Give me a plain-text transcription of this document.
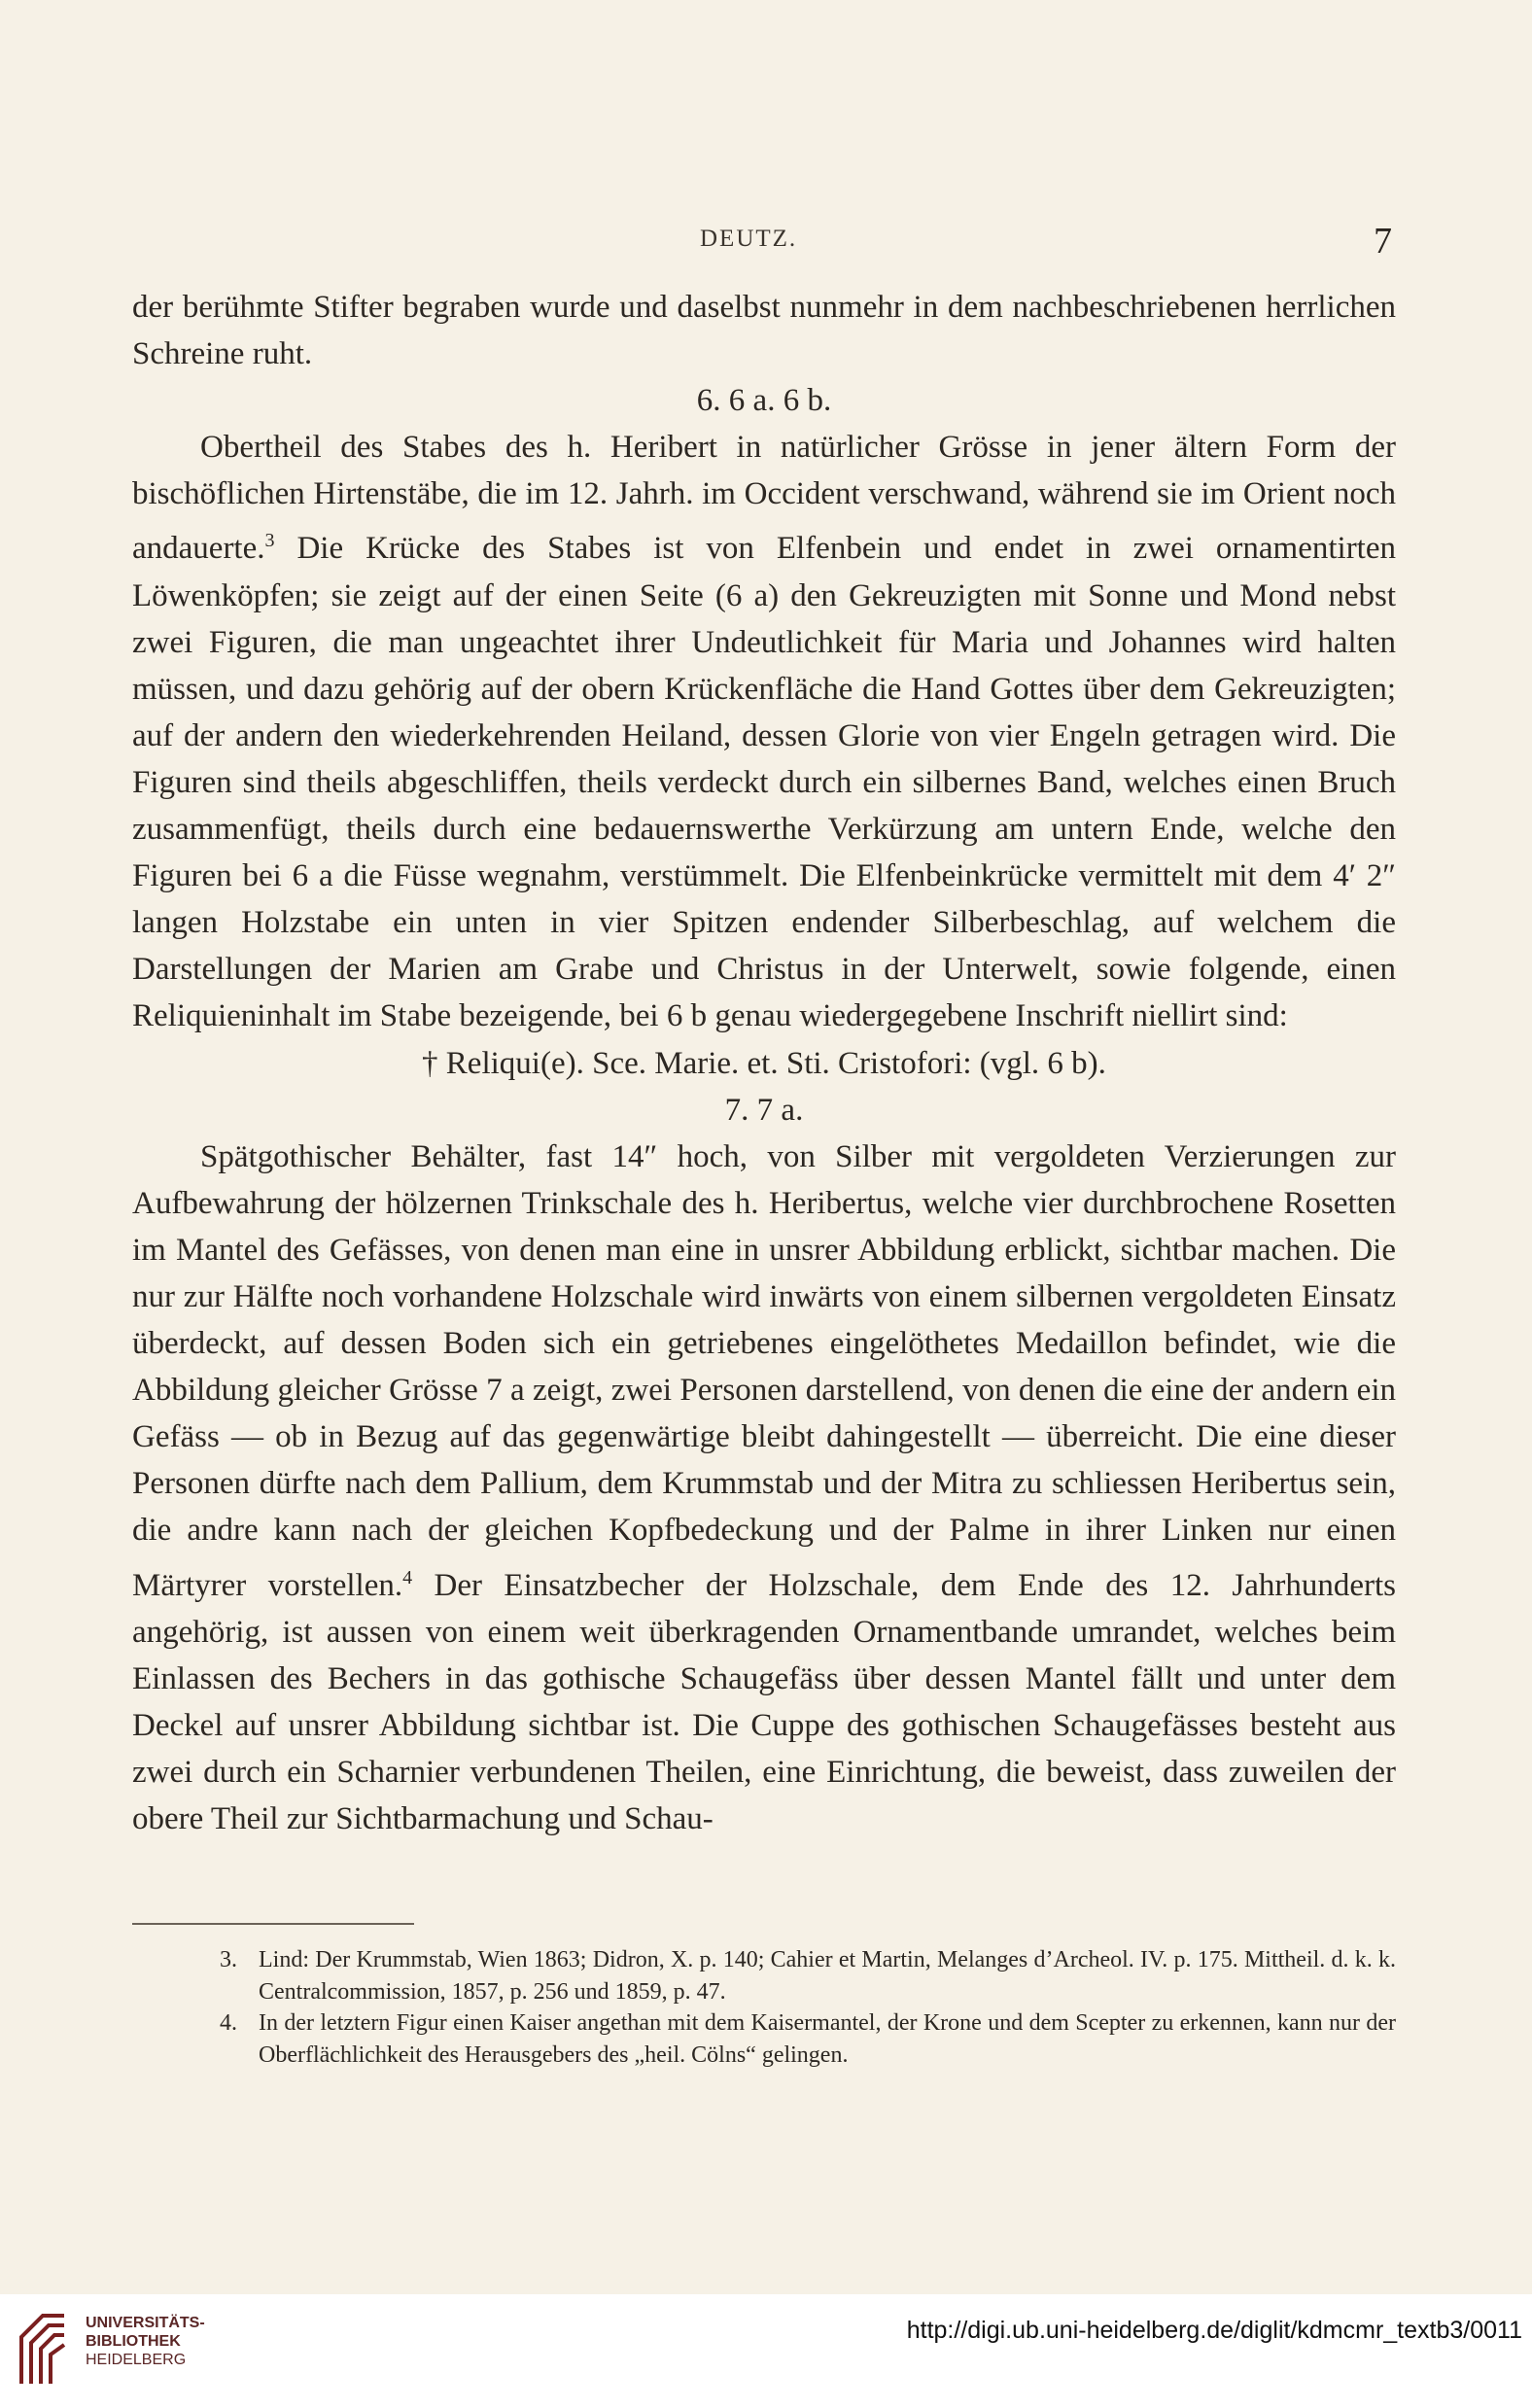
DEUTZ.	7

der berühmte Stifter begraben wurde und daselbst nunmehr in dem nachbeschriebenen herrlichen Schreine ruht.

6. 6 a. 6 b.

Obertheil des Stabes des h. Heribert in natürlicher Grösse in jener ältern Form der bischöflichen Hirtenstäbe, die im 12. Jahrh. im Occident verschwand, während sie im Orient noch andauerte.$^3$ Die Krücke des Stabes ist von Elfenbein und endet in zwei ornamentirten Löwenköpfen; sie zeigt auf der einen Seite (6 a) den Gekreuzigten mit Sonne und Mond nebst zwei Figuren, die man ungeachtet ihrer Undeutlichkeit für Maria und Johannes wird halten müssen, und dazu gehörig auf der obern Krückenfläche die Hand Gottes über dem Gekreuzigten; auf der andern den wiederkehrenden Heiland, dessen Glorie von vier Engeln getragen wird. Die Figuren sind theils abgeschliffen, theils verdeckt durch ein silbernes Band, welches einen Bruch zusammenfügt, theils durch eine bedauernswerthe Verkürzung am untern Ende, welche den Figuren bei 6 a die Füsse wegnahm, verstümmelt. Die Elfenbeinkrücke vermittelt mit dem 4′ 2″ langen Holzstabe ein unten in vier Spitzen endender Silberbeschlag, auf welchem die Darstellungen der Marien am Grabe und Christus in der Unterwelt, sowie folgende, einen Reliquieninhalt im Stabe bezeigende, bei 6 b genau wiedergegebene Inschrift niellirt sind:

† Reliqui(e). Sce. Marie. et. Sti. Cristofori: (vgl. 6 b).

7. 7 a.

Spätgothischer Behälter, fast 14″ hoch, von Silber mit vergoldeten Verzierungen zur Aufbewahrung der hölzernen Trinkschale des h. Heribertus, welche vier durchbrochene Rosetten im Mantel des Gefässes, von denen man eine in unsrer Abbildung erblickt, sichtbar machen. Die nur zur Hälfte noch vorhandene Holzschale wird inwärts von einem silbernen vergoldeten Einsatz überdeckt, auf dessen Boden sich ein getriebenes eingelöthetes Medaillon befindet, wie die Abbildung gleicher Grösse 7 a zeigt, zwei Personen darstellend, von denen die eine der andern ein Gefäss — ob in Bezug auf das gegenwärtige bleibt dahingestellt — überreicht. Die eine dieser Personen dürfte nach dem Pallium, dem Krummstab und der Mitra zu schliessen Heribertus sein, die andre kann nach der gleichen Kopfbedeckung und der Palme in ihrer Linken nur einen Märtyrer vorstellen.$^4$ Der Einsatzbecher der Holzschale, dem Ende des 12. Jahrhunderts angehörig, ist aussen von einem weit überkragenden Ornamentbande umrandet, welches beim Einlassen des Bechers in das gothische Schaugefäss über dessen Mantel fällt und unter dem Deckel auf unsrer Abbildung sichtbar ist. Die Cuppe des gothischen Schaugefässes besteht aus zwei durch ein Scharnier verbundenen Theilen, eine Einrichtung, die beweist, dass zuweilen der obere Theil zur Sichtbarmachung und Schau-

3. Lind: Der Krummstab, Wien 1863; Didron, X. p. 140; Cahier et Martin, Melanges d’Archeol. IV. p. 175. Mittheil. d. k. k. Centralcommission, 1857, p. 256 und 1859, p. 47.
4. In der letztern Figur einen Kaiser angethan mit dem Kaisermantel, der Krone und dem Scepter zu erkennen, kann nur der Oberflächlichkeit des Herausgebers des „heil. Cölns“ gelingen.
UNIVERSITÄTS-
BIBLIOTHEK
HEIDELBERG
http://digi.ub.uni-heidelberg.de/diglit/kdmcmr_textb3/0011
